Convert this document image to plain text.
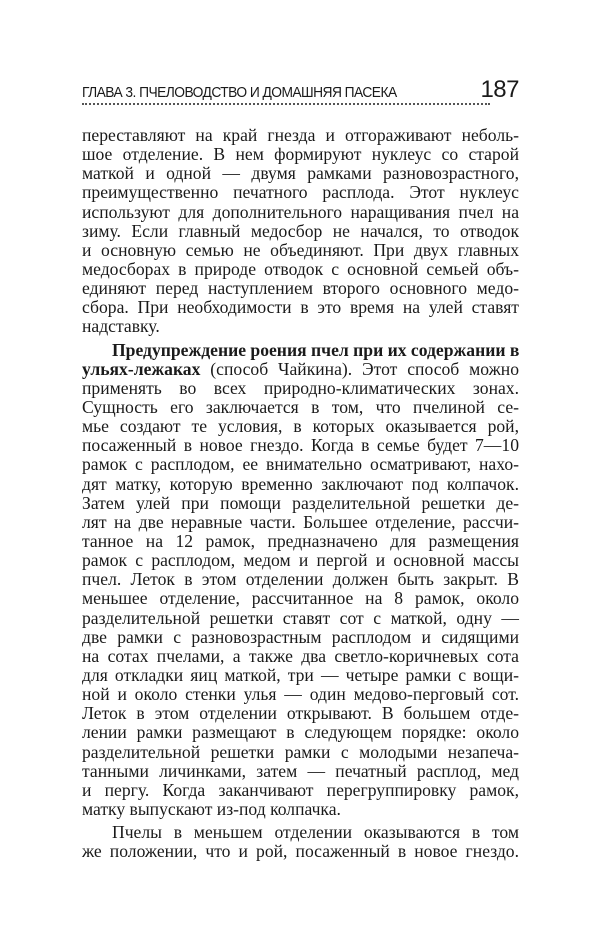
ГЛАВА 3. ПЧЕЛОВОДСТВО И ДОМАШНЯЯ ПАСЕКА	187
переставляют на край гнезда и отгораживают неболь-
шое отделение. В нем формируют нуклеус со старой
маткой и одной — двумя рамками разновозрастного,
преимущественно печатного расплода. Этот нуклеус
используют для дополнительного наращивания пчел на
зиму. Если главный медосбор не начался, то отводок
и основную семью не объединяют. При двух главных
медосборах в природе отводок с основной семьей объ-
единяют перед наступлением второго основного медо-
сбора. При необходимости в это время на улей ставят
надставку.
Предупреждение роения пчел при их содержании в
ульях-лежаках (способ Чайкина). Этот способ можно
применять во всех природно-климатических зонах.
Сущность его заключается в том, что пчелиной се-
мье создают те условия, в которых оказывается рой,
посаженный в новое гнездо. Когда в семье будет 7—10
рамок с расплодом, ее внимательно осматривают, нахо-
дят матку, которую временно заключают под колпачок.
Затем улей при помощи разделительной решетки де-
лят на две неравные части. Большее отделение, рассчи-
танное на 12 рамок, предназначено для размещения
рамок с расплодом, медом и пергой и основной массы
пчел. Леток в этом отделении должен быть закрыт. В
меньшее отделение, рассчитанное на 8 рамок, около
разделительной решетки ставят сот с маткой, одну —
две рамки с разновозрастным расплодом и сидящими
на сотах пчелами, а также два светло-коричневых сота
для откладки яиц маткой, три — четыре рамки с вощи-
ной и около стенки улья — один медово-перговый сот.
Леток в этом отделении открывают. В большем отде-
лении рамки размещают в следующем порядке: около
разделительной решетки рамки с молодыми незапеча-
танными личинками, затем — печатный расплод, мед
и пергу. Когда заканчивают перегруппировку рамок,
матку выпускают из-под колпачка.
Пчелы в меньшем отделении оказываются в том
же положении, что и рой, посаженный в новое гнездо.
